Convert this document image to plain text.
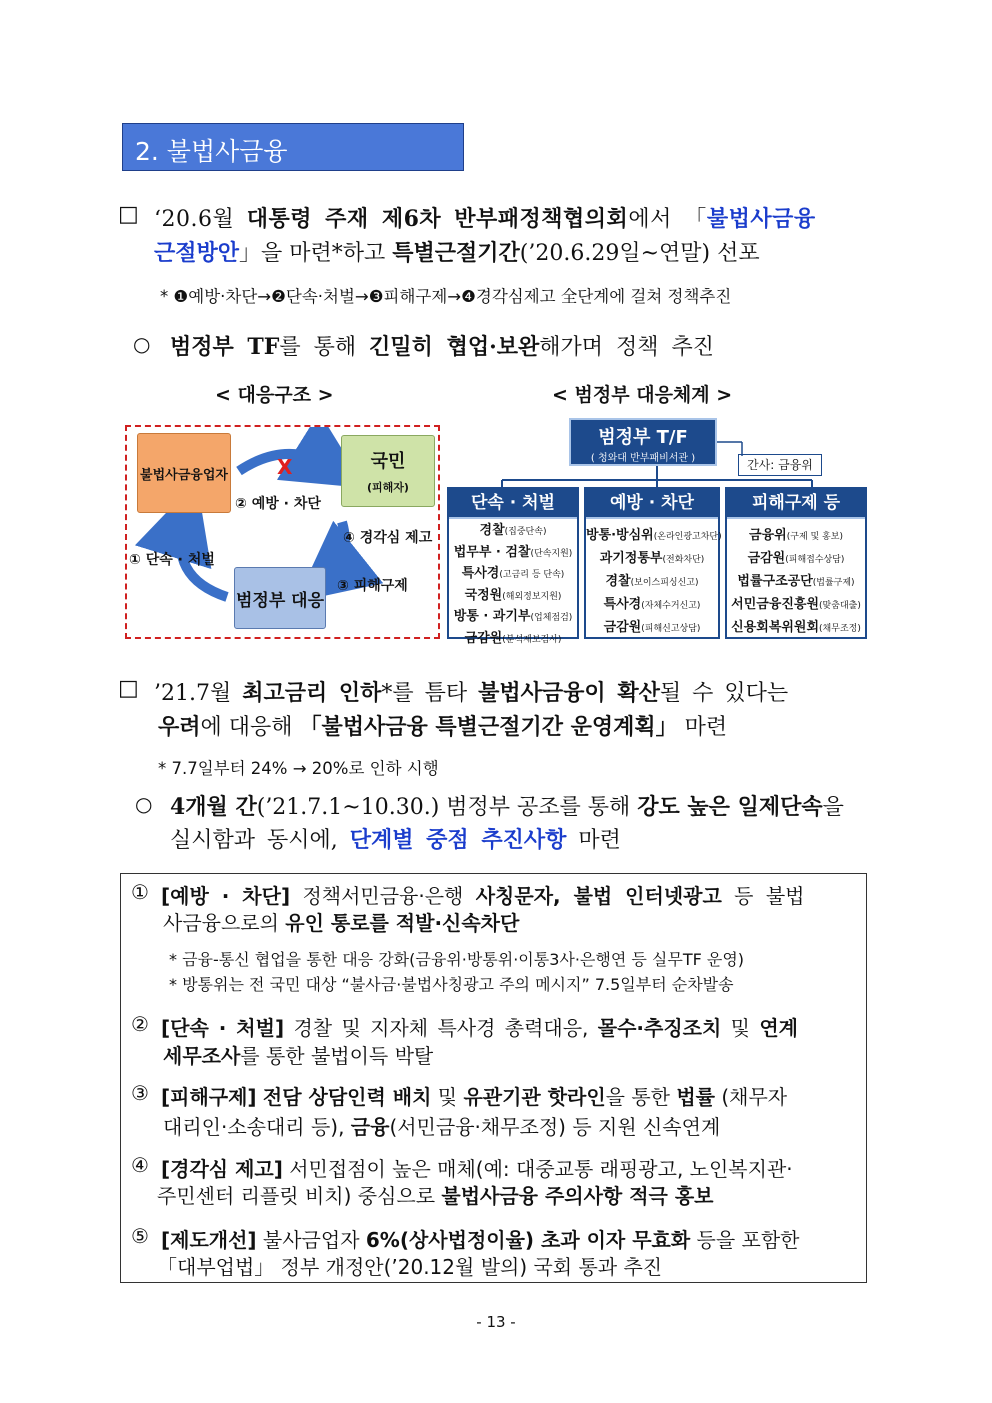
2. 불법사금융
□ ‘20.6월 대통령 주재 제6차 반부패정책협의회에서 「불법사금융
근절방안」을 마련*하고 특별근절기간(’20.6.29일~연말) 선포
* ❶예방·차단→❷단속·처벌→❸피해구제→❹경각심제고 全단계에 걸쳐 정책추진
○ 범정부 TF를 통해 긴밀히 협업·보완해가며 정책 추진
< 대응구조 >	< 범정부 대응체계 >
불법사금융업자
국민
(피해자)
범정부 대응
X
② 예방 · 차단
④ 경각심 제고
① 단속 · 처벌
③ 피해구제
범정부 T/F
( 청와대 반부패비서관 )	간사: 금융위
□ ’21.7월 최고금리 인하*를 틈타 불법사금융이 확산될 수 있다는
우려에 대응해 「불법사금융 특별근절기간 운영계획」 마련
* 7.7일부터 24% → 20%로 인하 시행
○ 4개월 간(’21.7.1~10.30.) 범정부 공조를 통해 강도 높은 일제단속을
실시함과 동시에, 단계별 중점 추진사항 마련
① [예방 · 차단] 정책서민금융·은행 사칭문자, 불법 인터넷광고 등 불법
사금융으로의 유인 통로를 적발·신속차단
* 금융-통신 협업을 통한 대응 강화(금융위·방통위·이통3사·은행연 등 실무TF 운영)
* 방통위는 전 국민 대상 “불사금·불법사칭광고 주의 메시지” 7.5일부터 순차발송
② [단속 · 처벌] 경찰 및 지자체 특사경 총력대응, 몰수·추징조치 및 연계
세무조사를 통한 불법이득 박탈
③ [피해구제] 전담 상담인력 배치 및 유관기관 핫라인을 통한 법률 (채무자
대리인·소송대리 등), 금융(서민금융·채무조정) 등 지원 신속연계
④ [경각심 제고] 서민접점이 높은 매체(예: 대중교통 래핑광고, 노인복지관·
주민센터 리플릿 비치) 중심으로 불법사금융 주의사항 적극 홍보
⑤ [제도개선] 불사금업자 6%(상사법정이율) 초과 이자 무효화 등을 포함한
「대부업법」 정부 개정안(’20.12월 발의) 국회 통과 추진
- 13 -
단속 · 처벌
경찰(집중단속)
법무부 · 검찰(단속지원)
특사경(고금리 등 단속)
국정원(해외정보지원)
방통 · 과기부(업체점검)
금감원(분석제보검사)
예방 · 차단
방통·방심위(온라인광고차단)
과기정통부(전화차단)
경찰(보이스피싱신고)
특사경(자체수거신고)
금감원(피해신고상담)
피해구제 등
금융위(구제 및 홍보)
금감원(피해접수상담)
법률구조공단(법률구제)
서민금융진흥원(맞춤대출)
신용회복위원회(채무조정)
